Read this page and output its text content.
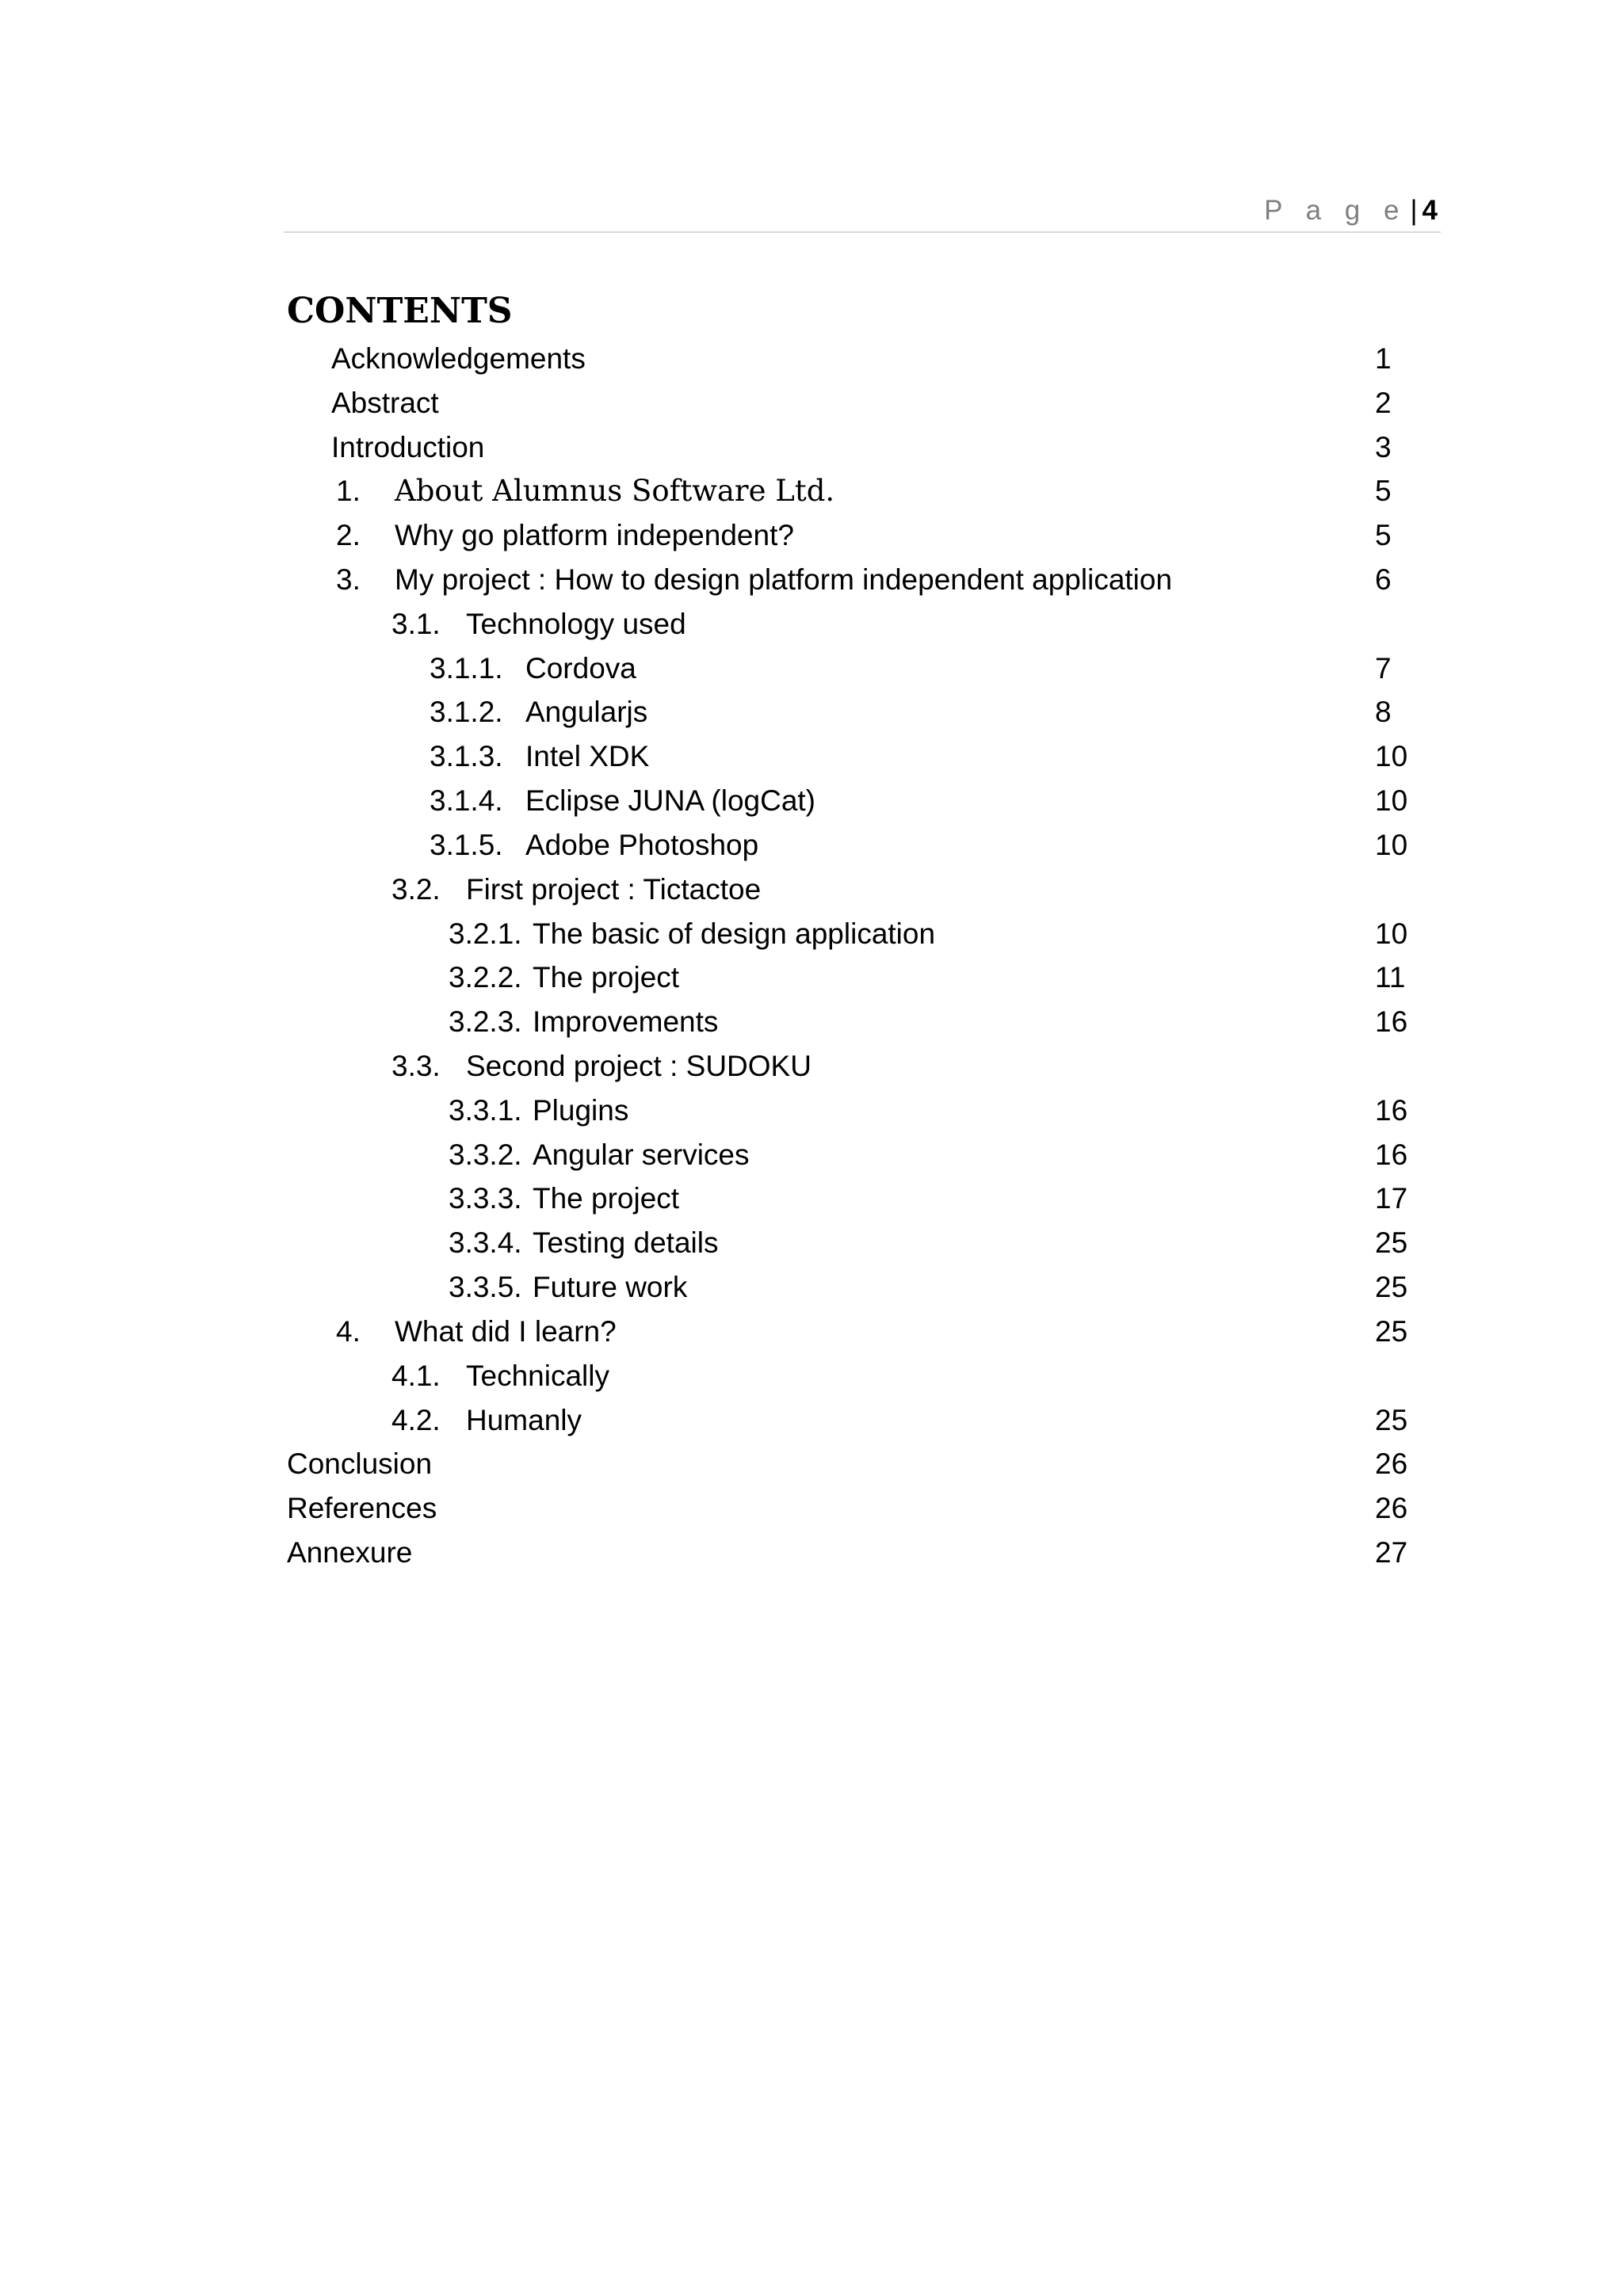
P a g e | 4
CONTENTS
Acknowledgements	1
Abstract	2
Introduction	3
1. About Alumnus Software Ltd.	5
2. Why go platform independent?	5
3. My project : How to design platform independent application	6
3.1. Technology used
3.1.1. Cordova	7
3.1.2. Angularjs	8
3.1.3. Intel XDK	10
3.1.4. Eclipse JUNA (logCat)	10
3.1.5. Adobe Photoshop	10
3.2. First project : Tictactoe
3.2.1. The basic of design application	10
3.2.2. The project	11
3.2.3. Improvements	16
3.3. Second project : SUDOKU
3.3.1. Plugins	16
3.3.2. Angular services	16
3.3.3. The project	17
3.3.4. Testing details	25
3.3.5. Future work	25
4. What did I learn?	25
4.1. Technically
4.2. Humanly	25
Conclusion	26
References	26
Annexure	27
